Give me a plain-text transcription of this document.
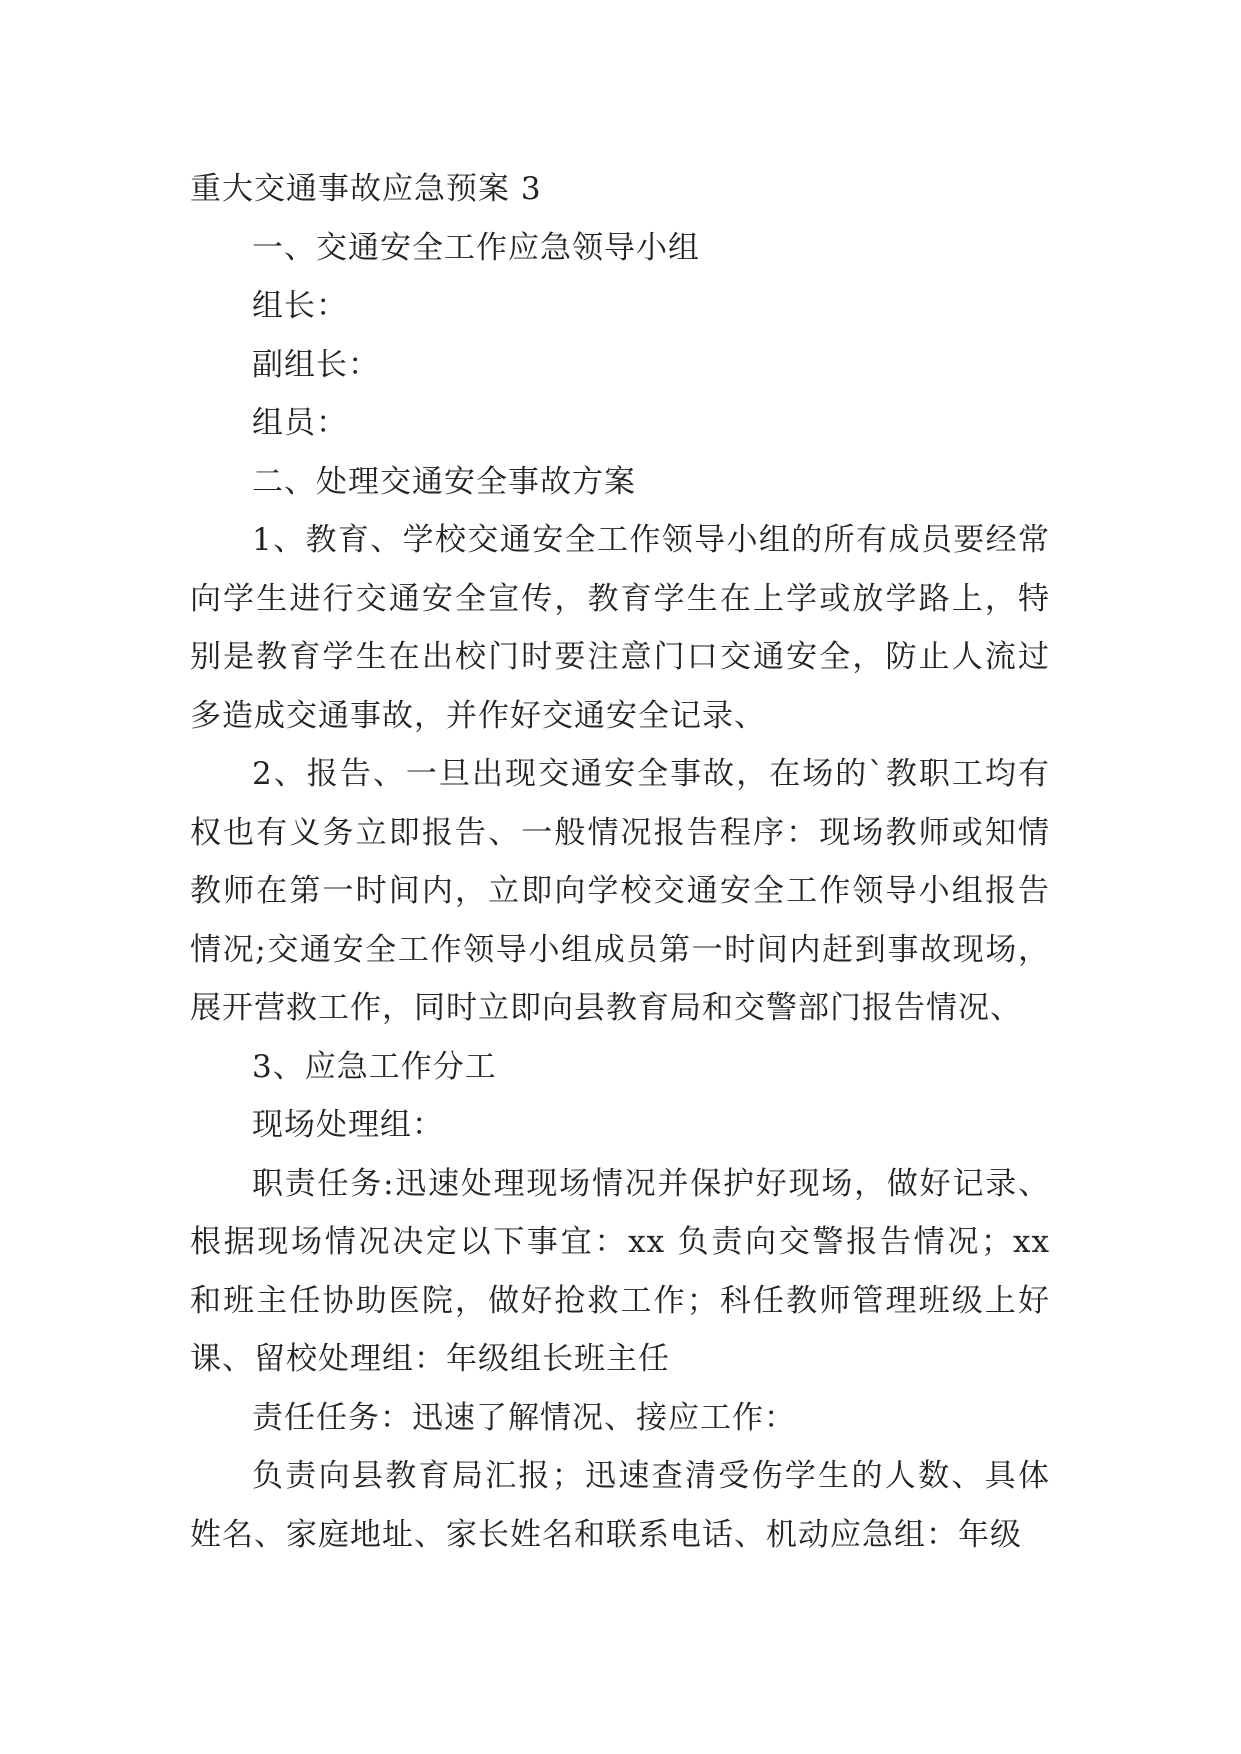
重大交通事故应急预案 3

一、交通安全工作应急领导小组

组长：

副组长：

组员：

二、处理交通安全事故方案

1、教育、学校交通安全工作领导小组的所有成员要经常向学生进行交通安全宣传，教育学生在上学或放学路上，特别是教育学生在出校门时要注意门口交通安全，防止人流过多造成交通事故，并作好交通安全记录、

2、报告、一旦出现交通安全事故，在场的`教职工均有权也有义务立即报告、一般情况报告程序：现场教师或知情教师在第一时间内，立即向学校交通安全工作领导小组报告情况;交通安全工作领导小组成员第一时间内赶到事故现场，展开营救工作，同时立即向县教育局和交警部门报告情况、

3、应急工作分工

现场处理组：

职责任务:迅速处理现场情况并保护好现场，做好记录、根据现场情况决定以下事宜：xx 负责向交警报告情况；xx 和班主任协助医院，做好抢救工作；科任教师管理班级上好课、留校处理组：年级组长班主任

责任任务：迅速了解情况、接应工作：

负责向县教育局汇报；迅速查清受伤学生的人数、具体姓名、家庭地址、家长姓名和联系电话、机动应急组：年级
